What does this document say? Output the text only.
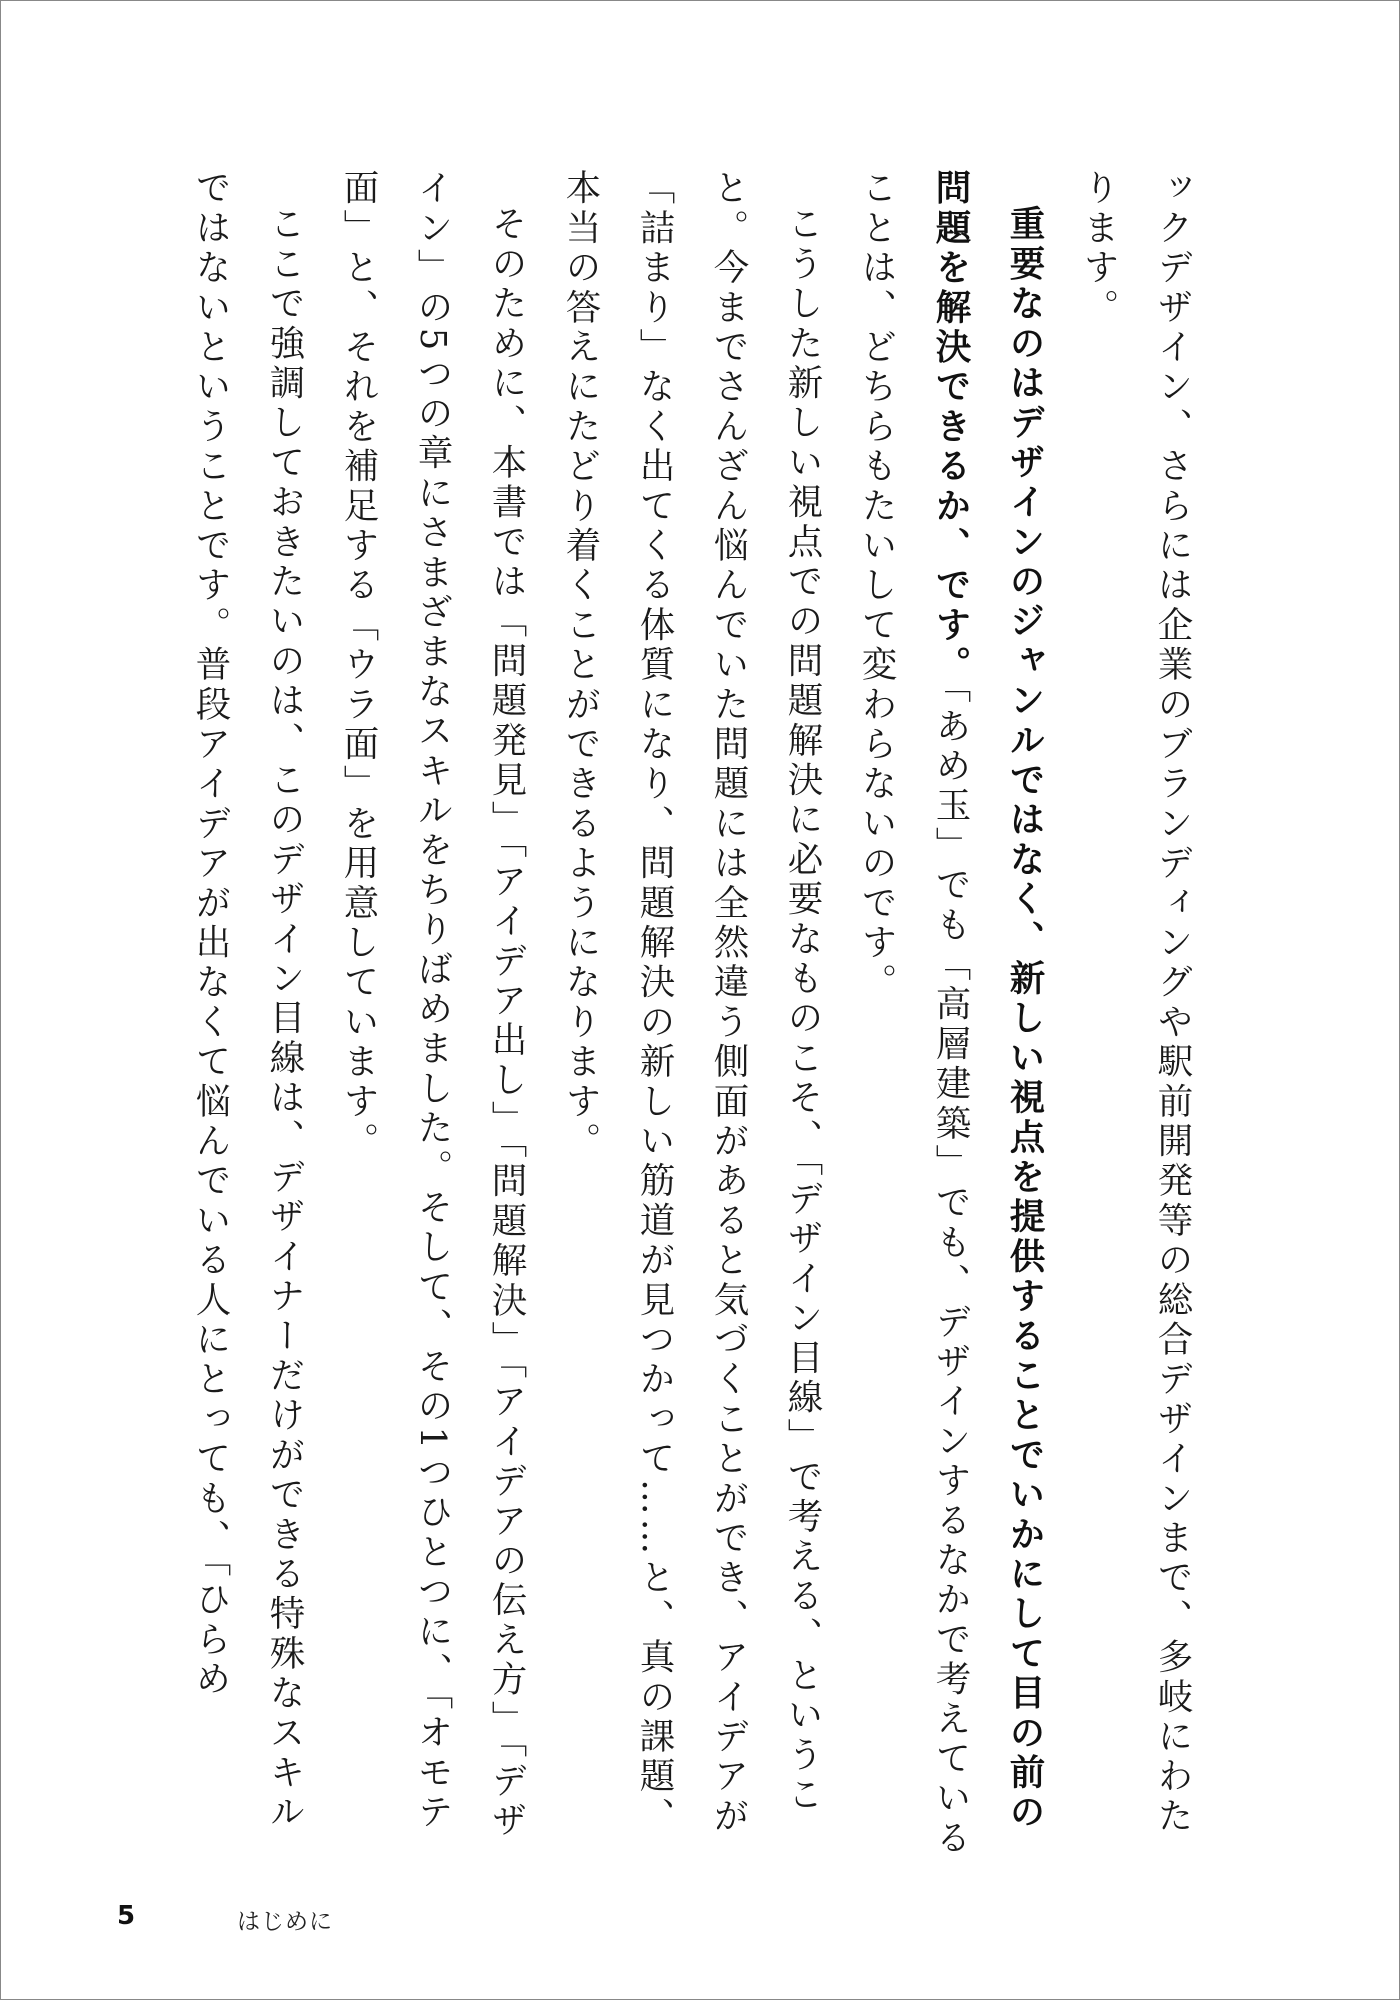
ックデザイン、さらには企業のブランディングや駅前開発等の総合デザインまで、多岐にわたります。

重要なのはデザインのジャンルではなく、新しい視点を提供することでいかにして目の前の問題を解決できるか、です。「あめ玉」でも「高層建築」でも、デザインするなかで考えていることは、どちらもたいして変わらないのです。

こうした新しい視点での問題解決に必要なものこそ、「デザイン目線」で考える、ということ。今までさんざん悩んでいた問題には全然違う側面があると気づくことができ、アイデアが「詰まり」なく出てくる体質になり、問題解決の新しい筋道が見つかって……と、真の課題、本当の答えにたどり着くことができるようになります。

そのために、本書では「問題発見」「アイデア出し」「問題解決」「アイデアの伝え方」「デザイン」の5つの章にさまざまなスキルをちりばめました。そして、その1つひとつに、「オモテ面」と、それを補足する「ウラ面」を用意しています。

ここで強調しておきたいのは、このデザイン目線は、デザイナーだけができる特殊なスキルではないということです。普段アイデアが出なくて悩んでいる人にとっても、「ひらめ

5	はじめに
